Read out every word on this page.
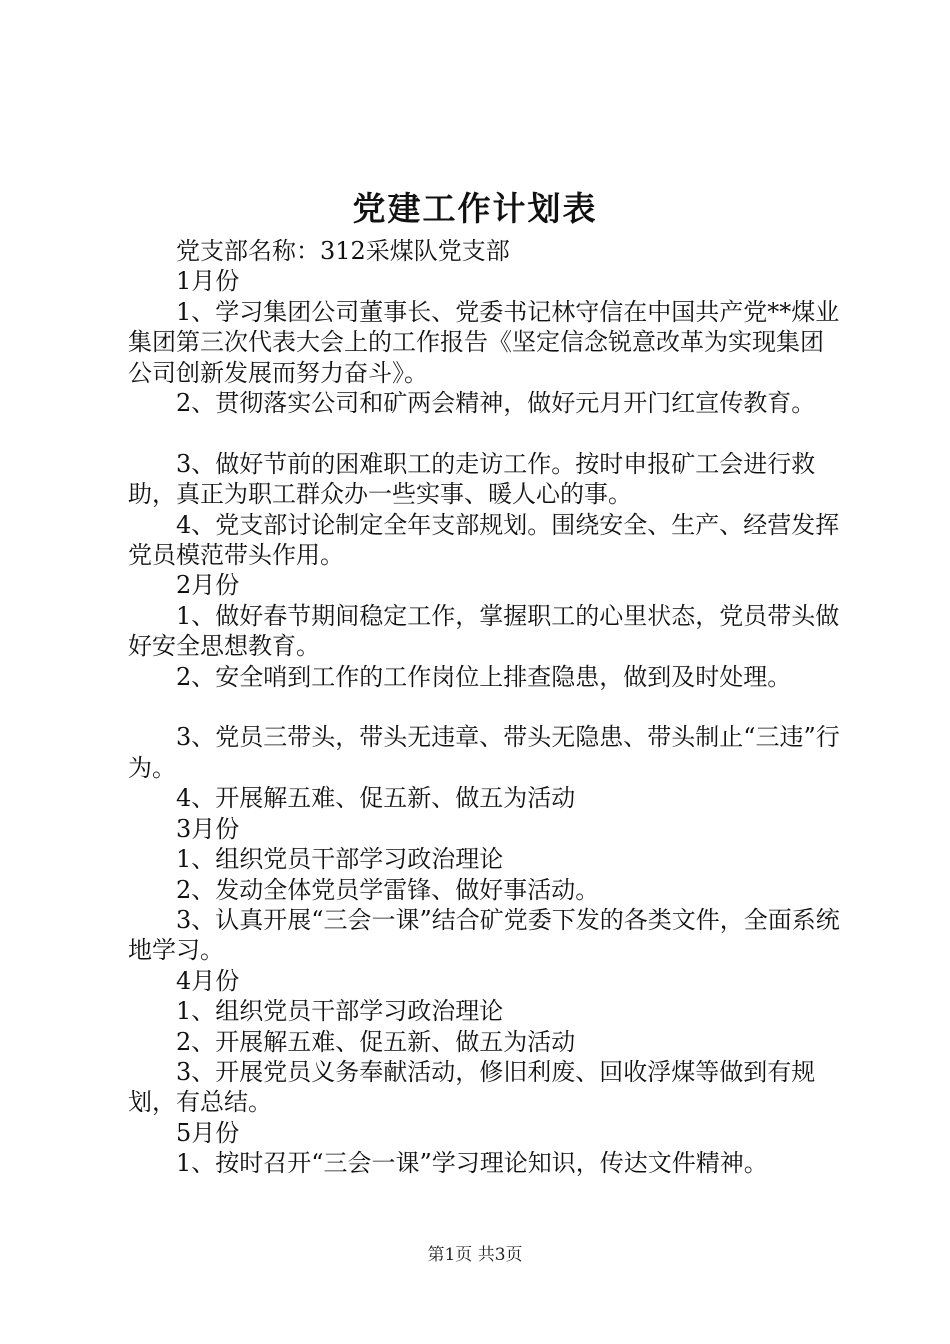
党建工作计划表

党支部名称：312采煤队党支部

1月份

1、学习集团公司董事长、党委书记林守信在中国共产党**煤业集团第三次代表大会上的工作报告《坚定信念锐意改革为实现集团公司创新发展而努力奋斗》。

2、贯彻落实公司和矿两会精神，做好元月开门红宣传教育。

3、做好节前的困难职工的走访工作。按时申报矿工会进行救助，真正为职工群众办一些实事、暖人心的事。

4、党支部讨论制定全年支部规划。围绕安全、生产、经营发挥党员模范带头作用。

2月份

1、做好春节期间稳定工作，掌握职工的心里状态，党员带头做好安全思想教育。

2、安全哨到工作的工作岗位上排查隐患，做到及时处理。

3、党员三带头，带头无违章、带头无隐患、带头制止“三违”行为。

4、开展解五难、促五新、做五为活动

3月份

1、组织党员干部学习政治理论

2、发动全体党员学雷锋、做好事活动。

3、认真开展“三会一课”结合矿党委下发的各类文件，全面系统地学习。

4月份

1、组织党员干部学习政治理论

2、开展解五难、促五新、做五为活动

3、开展党员义务奉献活动，修旧利废、回收浮煤等做到有规划，有总结。

5月份

1、按时召开“三会一课”学习理论知识，传达文件精神。

第1页 共3页
